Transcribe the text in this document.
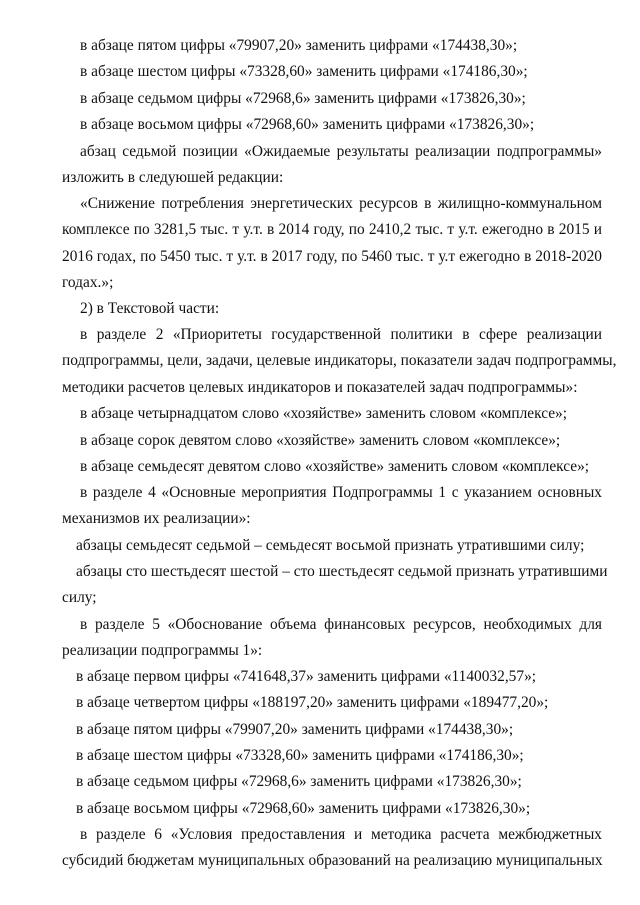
в абзаце пятом цифры «79907,20» заменить цифрами «174438,30»;
в абзаце шестом цифры «73328,60» заменить цифрами «174186,30»;
в абзаце седьмом цифры «72968,6» заменить цифрами «173826,30»;
в абзаце восьмом цифры «72968,60» заменить цифрами «173826,30»;
абзац седьмой позиции «Ожидаемые результаты реализации подпрограммы»
изложить в следуюшей редакции:
«Снижение потребления энергетических ресурсов в жилищно-коммунальном
комплексе по 3281,5 тыс. т у.т. в 2014 году, по 2410,2 тыс. т у.т. ежегодно в 2015 и
2016 годах, по 5450 тыс. т у.т. в 2017 году, по 5460 тыс. т у.т ежегодно в 2018-2020
годах.»;
2) в Текстовой части:
в разделе 2 «Приоритеты государственной политики в сфере реализации
подпрограммы, цели, задачи, целевые индикаторы, показатели задач подпрограммы,
методики расчетов целевых индикаторов и показателей задач подпрограммы»:
в абзаце четырнадцатом слово «хозяйстве» заменить словом «комплексе»;
в абзаце сорок девятом слово «хозяйстве» заменить словом «комплексе»;
в абзаце семьдесят девятом слово «хозяйстве» заменить словом «комплексе»;
в разделе 4 «Основные мероприятия Подпрограммы 1 с указанием основных
механизмов их реализации»:
абзацы семьдесят седьмой – семьдесят восьмой признать утратившими силу;
абзацы сто шестьдесят шестой – сто шестьдесят седьмой признать утратившими
силу;
в разделе 5 «Обоснование объема финансовых ресурсов, необходимых для
реализации подпрограммы 1»:
в абзаце первом цифры «741648,37» заменить цифрами «1140032,57»;
в абзаце четвертом цифры «188197,20» заменить цифрами «189477,20»;
в абзаце пятом цифры «79907,20» заменить цифрами «174438,30»;
в абзаце шестом цифры «73328,60» заменить цифрами «174186,30»;
в абзаце седьмом цифры «72968,6» заменить цифрами «173826,30»;
в абзаце восьмом цифры «72968,60» заменить цифрами «173826,30»;
в разделе 6 «Условия предоставления и методика расчета межбюджетных
субсидий бюджетам муниципальных образований на реализацию муниципальных
